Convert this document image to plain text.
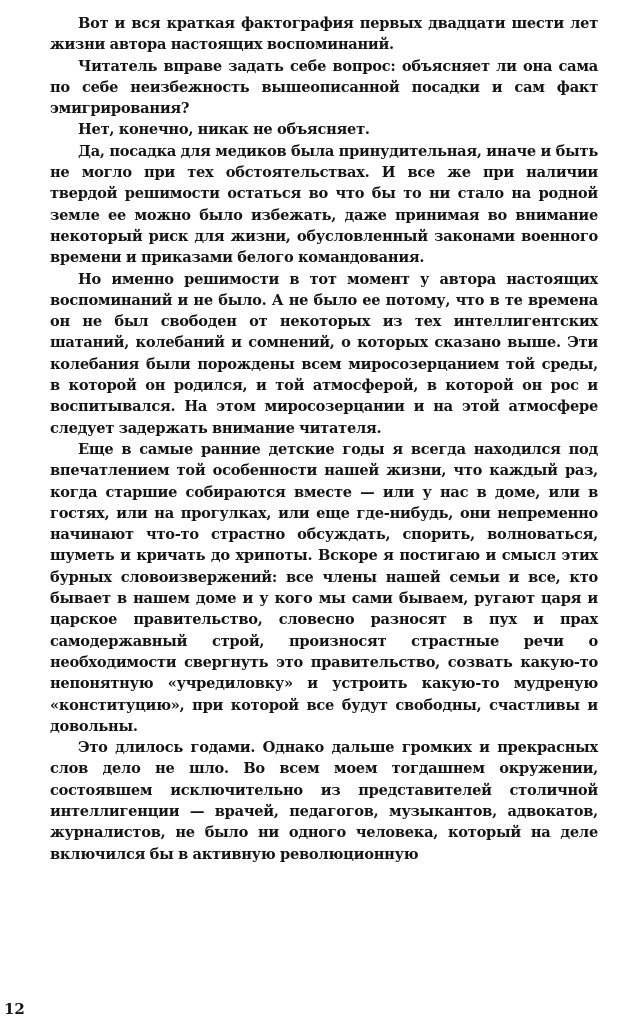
Вот и вся краткая фактография первых двадцати шести лет жизни автора настоящих воспоминаний.

Читатель вправе задать себе вопрос: объясняет ли она сама по себе неизбежность вышеописанной посадки и сам факт эмигрирования?

Нет, конечно, никак не объясняет.

Да, посадка для медиков была принудительная, иначе и быть не могло при тех обстоятельствах. И все же при наличии твердой решимости остаться во что бы то ни стало на родной земле ее можно было избежать, даже принимая во внимание некоторый риск для жизни, обусловленный законами военного времени и приказами белого командования.

Но именно решимости в тот момент у автора настоящих воспоминаний и не было. А не было ее потому, что в те времена он не был свободен от некоторых из тех интеллигентских шатаний, колебаний и сомнений, о которых сказано выше. Эти колебания были порождены всем миросозерцанием той среды, в которой он родился, и той атмосферой, в которой он рос и воспитывался. На этом миросозерцании и на этой атмосфере следует задержать внимание читателя.

Еще в самые ранние детские годы я всегда находился под впечатлением той особенности нашей жизни, что каждый раз, когда старшие собираются вместе — или у нас в доме, или в гостях, или на прогулках, или еще где-нибудь, они непременно начинают что-то страстно обсуждать, спорить, волноваться, шуметь и кричать до хрипоты. Вскоре я постигаю и смысл этих бурных словоизвержений: все члены нашей семьи и все, кто бывает в нашем доме и у кого мы сами бываем, ругают царя и царское правительство, словесно разносят в пух и прах самодержавный строй, произносят страстные речи о необходимости свергнуть это правительство, созвать какую-то непонятную «учредиловку» и устроить какую-то мудреную «конституцию», при которой все будут свободны, счастливы и довольны.

Это длилось годами. Однако дальше громких и прекрасных слов дело не шло. Во всем моем тогдашнем окружении, состоявшем исключительно из представителей столичной интеллигенции — врачей, педагогов, музыкантов, адвокатов, журналистов, не было ни одного человека, который на деле включился бы в активную революционную

12
